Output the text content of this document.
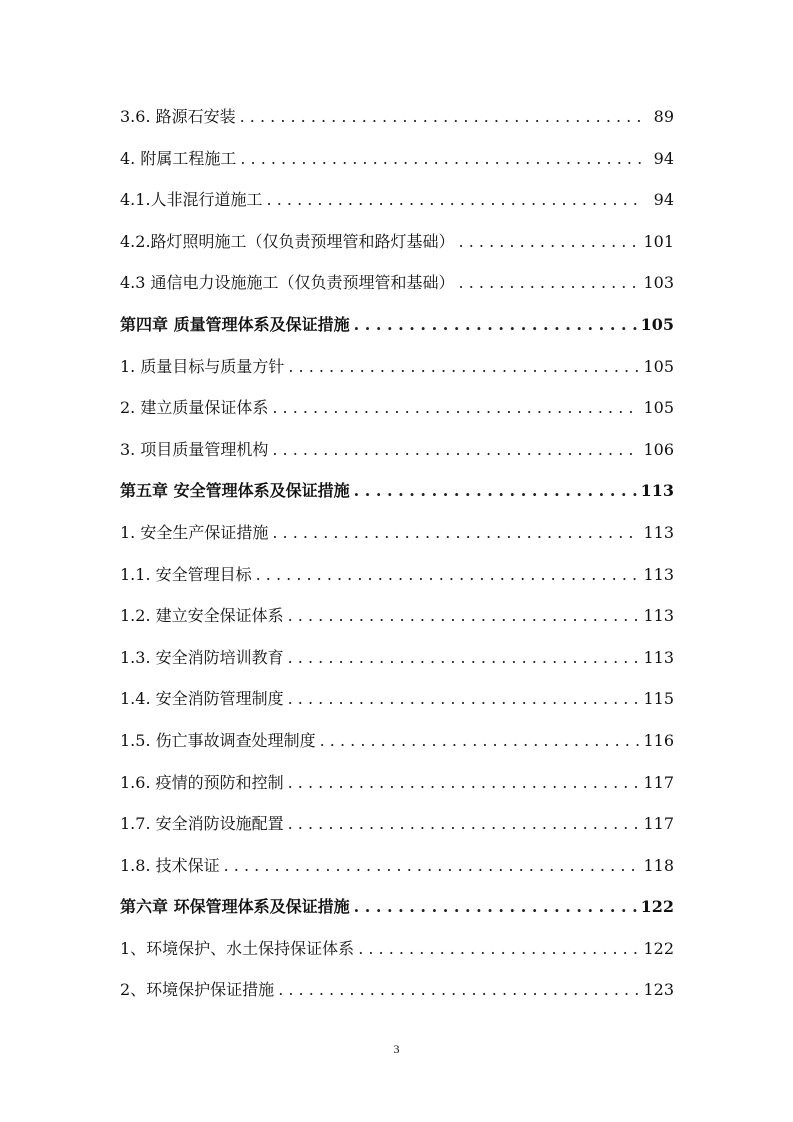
3.6. 路源石安装 . . .	89
4. 附属工程施工 . . .	94
4.1.人非混行道施工 . . .	94
4.2.路灯照明施工（仅负责预埋管和路灯基础） . . .	101
4.3 通信电力设施施工（仅负责预埋管和基础） . . .	103
第四章 质量管理体系及保证措施 . . .	105
1. 质量目标与质量方针 . . .	105
2. 建立质量保证体系 . . .	105
3. 项目质量管理机构 . . .	106
第五章 安全管理体系及保证措施 . . .	113
1. 安全生产保证措施 . . .	113
1.1. 安全管理目标 . . .	113
1.2. 建立安全保证体系 . . .	113
1.3. 安全消防培训教育 . . .	113
1.4. 安全消防管理制度 . . .	115
1.5. 伤亡事故调查处理制度 . . .	116
1.6. 疫情的预防和控制 . . .	117
1.7. 安全消防设施配置 . . .	117
1.8. 技术保证 . . .	118
第六章 环保管理体系及保证措施 . . .	122
1、环境保护、水土保持保证体系 . . .	122
2、环境保护保证措施 . . .	123
3
